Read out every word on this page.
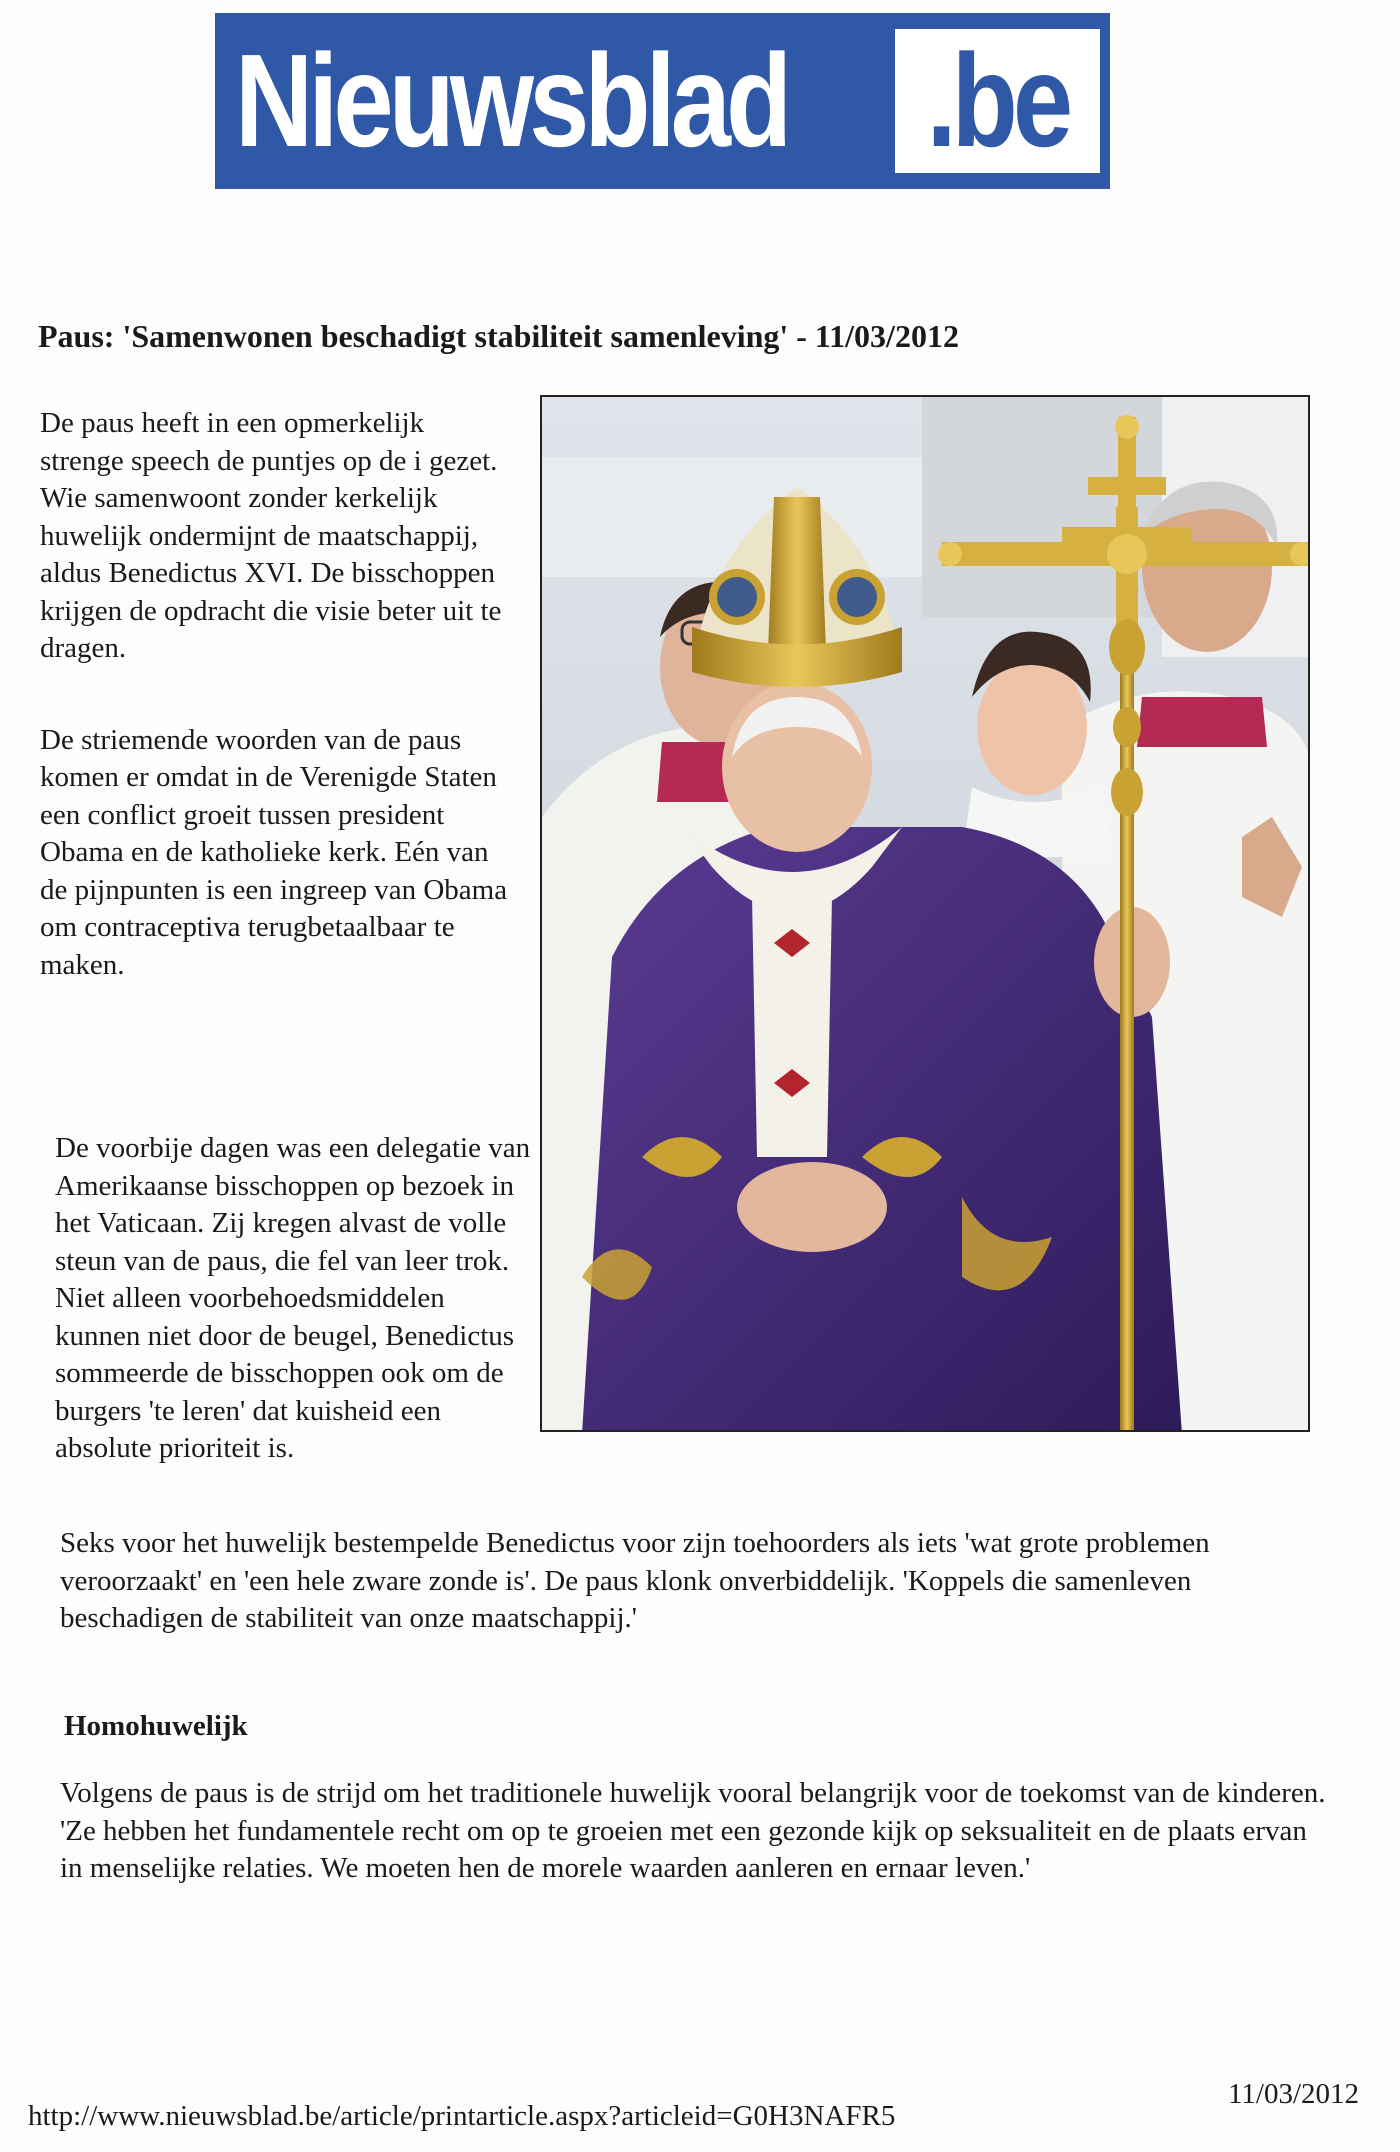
Nieuwsblad .be
Paus: 'Samenwonen beschadigt stabiliteit samenleving' - 11/03/2012

De paus heeft in een opmerkelijk strenge speech de puntjes op de i gezet. Wie samenwoont zonder kerkelijk huwelijk ondermijnt de maatschappij, aldus Benedictus XVI. De bisschoppen krijgen de opdracht die visie beter uit te dragen.

De striemende woorden van de paus komen er omdat in de Verenigde Staten een conflict groeit tussen president Obama en de katholieke kerk. Eén van de pijnpunten is een ingreep van Obama om contraceptiva terugbetaalbaar te maken.

De voorbije dagen was een delegatie van Amerikaanse bisschoppen op bezoek in het Vaticaan. Zij kregen alvast de volle steun van de paus, die fel van leer trok. Niet alleen voorbehoedsmiddelen kunnen niet door de beugel, Benedictus sommeerde de bisschoppen ook om de burgers 'te leren' dat kuisheid een absolute prioriteit is.

Seks voor het huwelijk bestempelde Benedictus voor zijn toehoorders als iets 'wat grote problemen veroorzaakt' en 'een hele zware zonde is'. De paus klonk onverbiddelijk. 'Koppels die samenleven beschadigen de stabiliteit van onze maatschappij.'

Homohuwelijk

Volgens de paus is de strijd om het traditionele huwelijk vooral belangrijk voor de toekomst van de kinderen. 'Ze hebben het fundamentele recht om op te groeien met een gezonde kijk op seksualiteit en de plaats ervan in menselijke relaties. We moeten hen de morele waarden aanleren en ernaar leven.'

http://www.nieuwsblad.be/article/printarticle.aspx?articleid=G0H3NAFR5
11/03/2012
